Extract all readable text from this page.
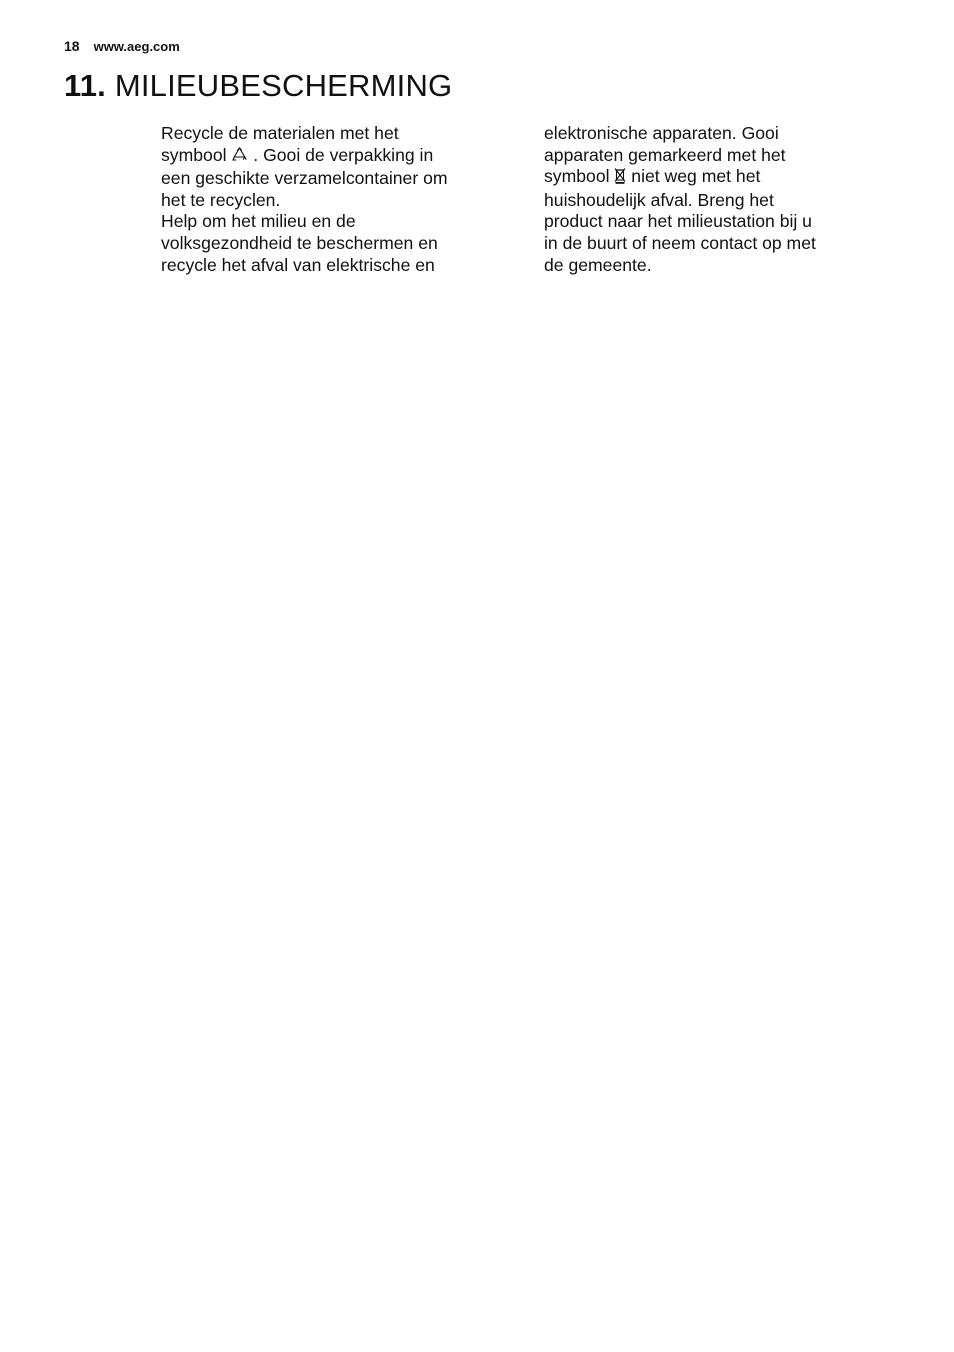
18 www.aeg.com
11. MILIEUBESCHERMING

Recycle de materialen met het
symbool . Gooi de verpakking in
een geschikte verzamelcontainer om
het te recyclen.
Help om het milieu en de
volksgezondheid te beschermen en
recycle het afval van elektrische en

elektronische apparaten. Gooi
apparaten gemarkeerd met het
symbool niet weg met het
huishoudelijk afval. Breng het
product naar het milieustation bij u
in de buurt of neem contact op met
de gemeente.
